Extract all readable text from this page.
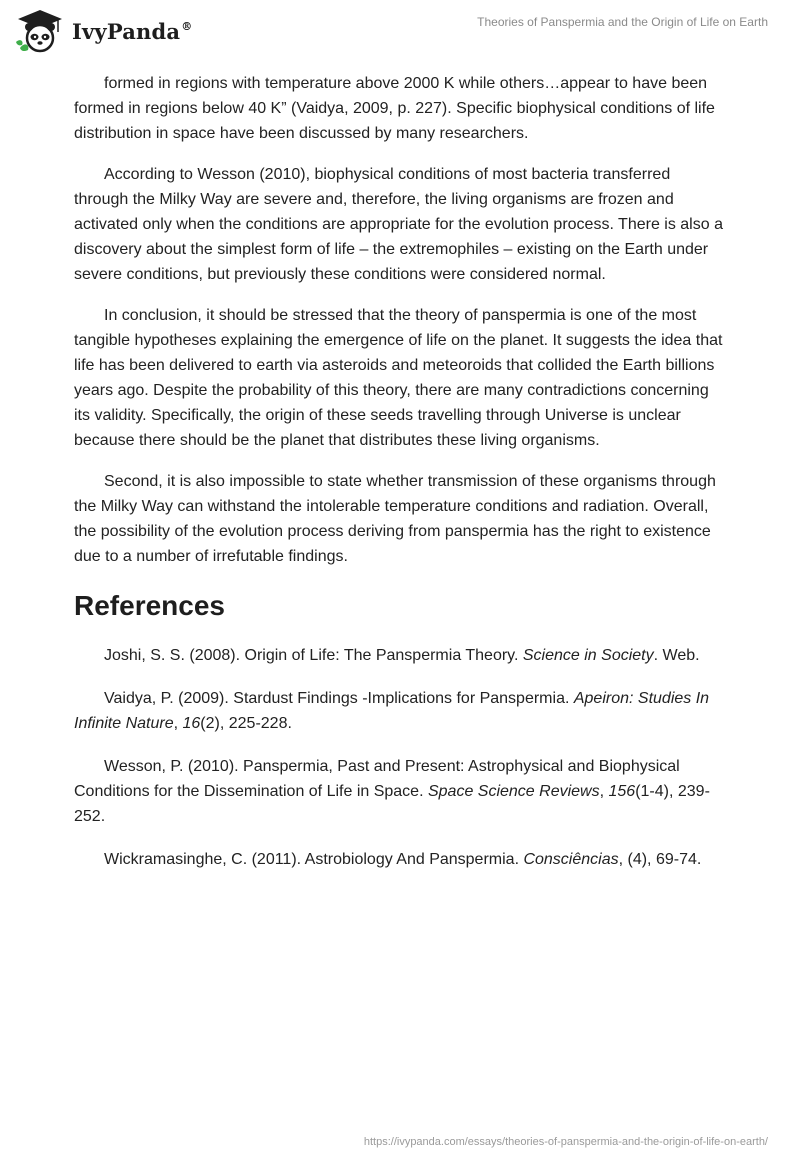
IvyPanda®	Theories of Panspermia and the Origin of Life on Earth

formed in regions with temperature above 2000 K while others…appear to have been formed in regions below 40 K” (Vaidya, 2009, p. 227). Specific biophysical conditions of life distribution in space have been discussed by many researchers.

According to Wesson (2010), biophysical conditions of most bacteria transferred through the Milky Way are severe and, therefore, the living organisms are frozen and activated only when the conditions are appropriate for the evolution process. There is also a discovery about the simplest form of life – the extremophiles – existing on the Earth under severe conditions, but previously these conditions were considered normal.

In conclusion, it should be stressed that the theory of panspermia is one of the most tangible hypotheses explaining the emergence of life on the planet. It suggests the idea that life has been delivered to earth via asteroids and meteoroids that collided the Earth billions years ago. Despite the probability of this theory, there are many contradictions concerning its validity. Specifically, the origin of these seeds travelling through Universe is unclear because there should be the planet that distributes these living organisms.

Second, it is also impossible to state whether transmission of these organisms through the Milky Way can withstand the intolerable temperature conditions and radiation. Overall, the possibility of the evolution process deriving from panspermia has the right to existence due to a number of irrefutable findings.

References

Joshi, S. S. (2008). Origin of Life: The Panspermia Theory. Science in Society. Web.

Vaidya, P. (2009). Stardust Findings -Implications for Panspermia. Apeiron: Studies In Infinite Nature, 16(2), 225-228.

Wesson, P. (2010). Panspermia, Past and Present: Astrophysical and Biophysical Conditions for the Dissemination of Life in Space. Space Science Reviews, 156(1-4), 239-252.

Wickramasinghe, C. (2011). Astrobiology And Panspermia. Consciências, (4), 69-74.

https://ivypanda.com/essays/theories-of-panspermia-and-the-origin-of-life-on-earth/
